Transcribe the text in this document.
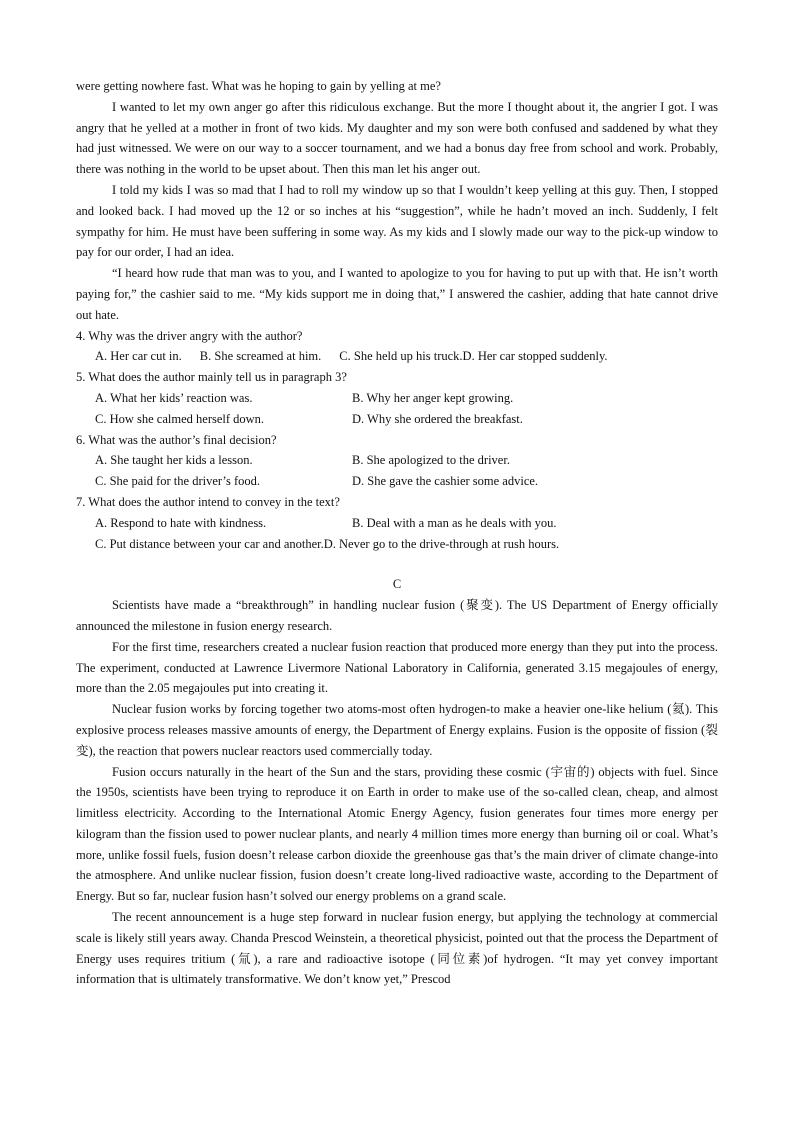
were getting nowhere fast. What was he hoping to gain by yelling at me?

I wanted to let my own anger go after this ridiculous exchange. But the more I thought about it, the angrier I got. I was angry that he yelled at a mother in front of two kids. My daughter and my son were both confused and saddened by what they had just witnessed. We were on our way to a soccer tournament, and we had a bonus day free from school and work. Probably, there was nothing in the world to be upset about. Then this man let his anger out.

I told my kids I was so mad that I had to roll my window up so that I wouldn’t keep yelling at this guy. Then, I stopped and looked back. I had moved up the 12 or so inches at his “suggestion”, while he hadn’t moved an inch. Suddenly, I felt sympathy for him. He must have been suffering in some way. As my kids and I slowly made our way to the pick-up window to pay for our order, I had an idea.

“I heard how rude that man was to you, and I wanted to apologize to you for having to put up with that. He isn’t worth paying for,” the cashier said to me. “My kids support me in doing that,” I answered the cashier, adding that hate cannot drive out hate.

4. Why was the driver angry with the author?

A. Her car cut in. B. She screamed at him. C. She held up his truck. D. Her car stopped suddenly.

5. What does the author mainly tell us in paragraph 3?

A. What her kids’ reaction was.	B. Why her anger kept growing.
C. How she calmed herself down.	D. Why she ordered the breakfast.

6. What was the author’s final decision?

A. She taught her kids a lesson.	B. She apologized to the driver.
C. She paid for the driver’s food.	D. She gave the cashier some advice.

7. What does the author intend to convey in the text?

A. Respond to hate with kindness.	B. Deal with a man as he deals with you.
C. Put distance between your car and another. D. Never go to the drive-through at rush hours.

C

Scientists have made a “breakthrough” in handling nuclear fusion (聚变). The US Department of Energy officially announced the milestone in fusion energy research.

For the first time, researchers created a nuclear fusion reaction that produced more energy than they put into the process. The experiment, conducted at Lawrence Livermore National Laboratory in California, generated 3.15 megajoules of energy, more than the 2.05 megajoules put into creating it.

Nuclear fusion works by forcing together two atoms-most often hydrogen-to make a heavier one-like helium (氦). This explosive process releases massive amounts of energy, the Department of Energy explains. Fusion is the opposite of fission (裂变), the reaction that powers nuclear reactors used commercially today.

Fusion occurs naturally in the heart of the Sun and the stars, providing these cosmic (宇宙的) objects with fuel. Since the 1950s, scientists have been trying to reproduce it on Earth in order to make use of the so-called clean, cheap, and almost limitless electricity. According to the International Atomic Energy Agency, fusion generates four times more energy per kilogram than the fission used to power nuclear plants, and nearly 4 million times more energy than burning oil or coal. What’s more, unlike fossil fuels, fusion doesn’t release carbon dioxide the greenhouse gas that’s the main driver of climate change-into the atmosphere. And unlike nuclear fission, fusion doesn’t create long-lived radioactive waste, according to the Department of Energy. But so far, nuclear fusion hasn’t solved our energy problems on a grand scale.

The recent announcement is a huge step forward in nuclear fusion energy, but applying the technology at commercial scale is likely still years away. Chanda Prescod Weinstein, a theoretical physicist, pointed out that the process the Department of Energy uses requires tritium (氚), a rare and radioactive isotope (同位素)of hydrogen. “It may yet convey important information that is ultimately transformative. We don’t know yet,” Prescod
